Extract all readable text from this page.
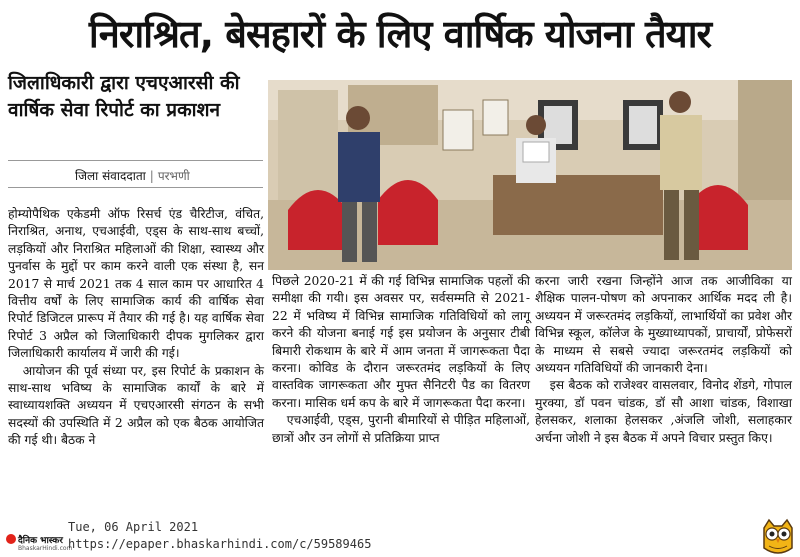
निराश्रित, बेसहारों के लिए वार्षिक योजना तैयार
जिलाधिकारी द्वारा एचएआरसी की वार्षिक सेवा रिपोर्ट का प्रकाशन
जिला संवाददाता | परभणी

होम्योपैथिक एकेडमी ऑफ रिसर्च एंड चैरिटीज, वंचित, निराश्रित, अनाथ, एचआईवी, एड्स के साथ-साथ बच्चों, लड़कियों और निराश्रित महिलाओं की शिक्षा, स्वास्थ्य और पुनर्वास के मुद्दों पर काम करने वाली एक संस्था है, सन 2017 से मार्च 2021 तक 4 साल काम पर आधारित 4 वित्तीय वर्षों के लिए सामाजिक कार्य की वार्षिक सेवा रिपोर्ट डिजिटल प्रारूप में तैयार की गई है। यह वार्षिक सेवा रिपोर्ट 3 अप्रैल को जिलाधिकारी दीपक मुगलिकर द्वारा जिलाधिकारी कार्यालय में जारी की गई।

आयोजन की पूर्व संध्या पर, इस रिपोर्ट के प्रकाशन के साथ-साथ भविष्य के सामाजिक कार्यों के बारे में स्वाध्यायशक्ति अध्ययन में एचएआरसी संगठन के सभी सदस्यों की उपस्थिति में 2 अप्रैल को एक बैठक आयोजित की गई थी। बैठक ने

पिछले 2020-21 में की गई विभिन्न सामाजिक पहलों की समीक्षा की गयी। इस अवसर पर, सर्वसम्मति से 2021-22 में भविष्य में विभिन्न सामाजिक गतिविधियों को लागू करने की योजना बनाई गई इस प्रयोजन के अनुसार टीबी बिमारी रोकथाम के बारे में आम जनता में जागरूकता पैदा करना। कोविड के दौरान जरूरतमंद लड़कियों के लिए वास्तविक जागरूकता और मुफ्त सैनिटरी पैड का वितरण करना। मासिक धर्म कप के बारे में जागरूकता पैदा करना।

एचआईवी, एड्स, पुरानी बीमारियों से पीड़ित महिलाओं, छात्रों और उन लोगों से प्रतिक्रिया प्राप्त

करना जारी रखना जिन्होंने आज तक आजीविका या शैक्षिक पालन-पोषण को अपनाकर आर्थिक मदद ली है। अध्ययन में जरूरतमंद लड़कियों, लाभार्थियों का प्रवेश और विभिन्न स्कूल, कॉलेज के मुख्याध्यापकों, प्राचार्यों, प्रोफेसरों के माध्यम से सबसे ज्यादा जरूरतमंद लड़कियों को अध्ययन गतिविधियों की जानकारी देना।

इस बैठक को राजेश्वर वासलवार, विनोद शेंडगे, गोपाल मुरक्या, डॉ पवन चांडक, डॉ सौ आशा चांडक, विशाखा हेलसकर, शलाका हेलसकर ,अंजलि जोशी, सलाहकार अर्चना जोशी ने इस बैठक में अपने विचार प्रस्तुत किए।

दैनिक भास्कर
BhaskarHindi.com
Tue, 06 April 2021
https://epaper.bhaskarhindi.com/c/59589465
